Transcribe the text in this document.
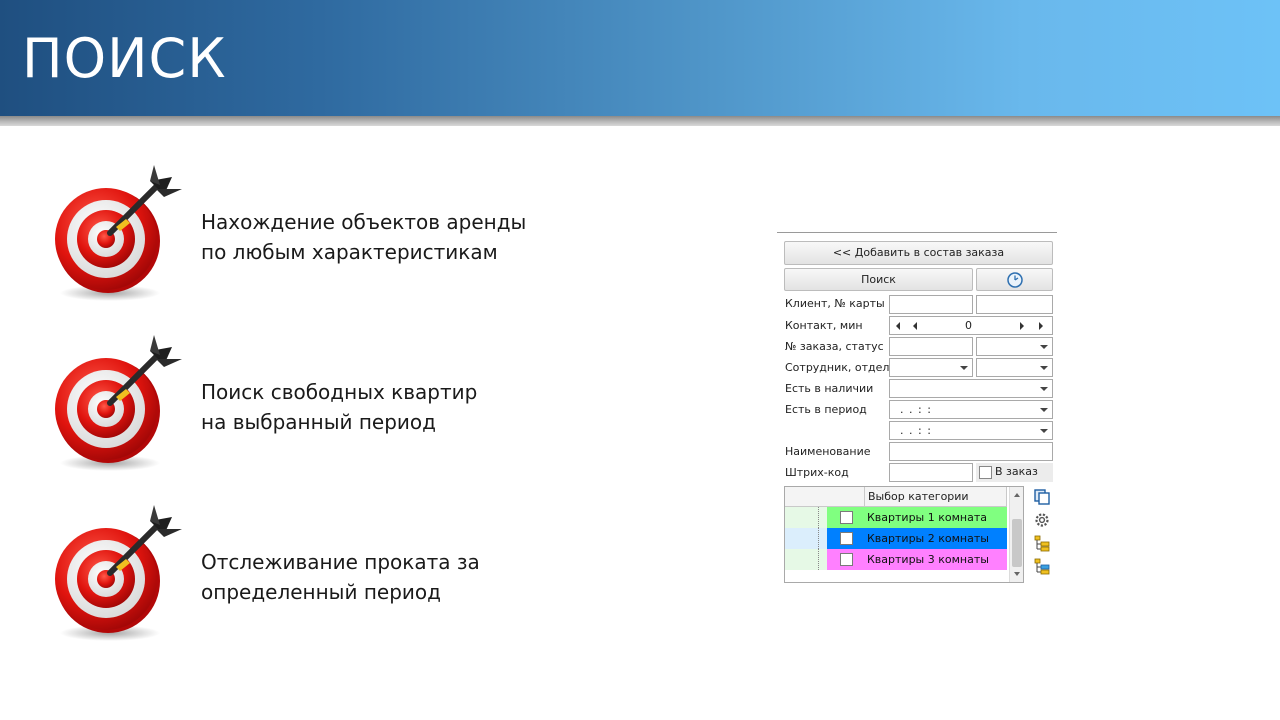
ПОИСК
Нахождение объектов аренды
по любым характеристикам
Поиск свободных квартир
на выбранный период
Отслеживание проката за
определенный период
<< Добавить в состав заказа
Поиск
Клиент, № карты
Контакт, мин	0
№ заказа, статус
Сотрудник, отдел
Есть в наличии
Есть в период	. . : :
. . : :
Наименование
Штрих-код	В заказ
Выбор категории
Квартиры 1 комната
Квартиры 2 комнаты
Квартиры 3 комнаты
